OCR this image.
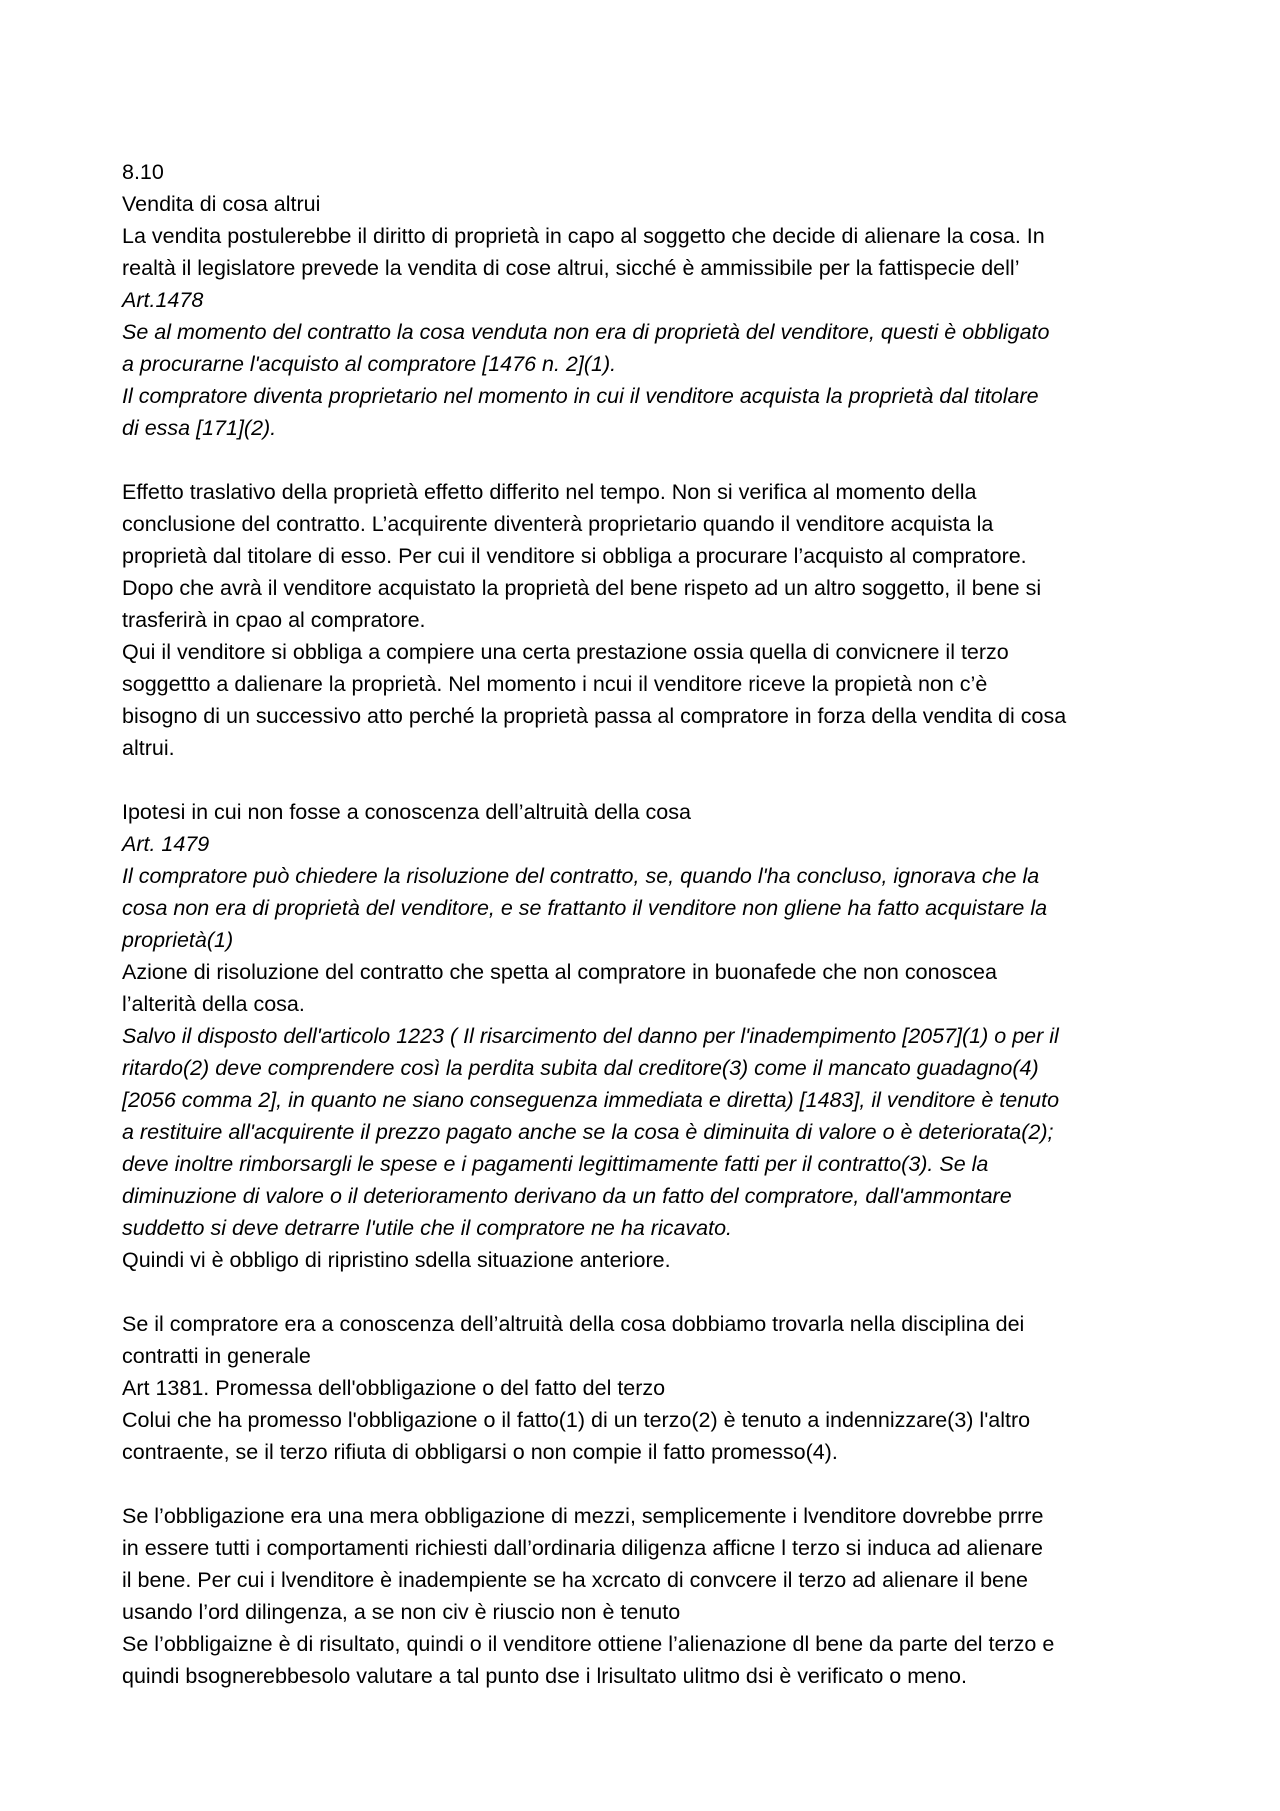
8.10
Vendita di cosa altrui
La vendita postulerebbe il diritto di proprietà in capo al soggetto che decide di alienare la cosa. In
realtà il legislatore prevede la vendita di cose altrui, sicché è ammissibile per la fattispecie dell’
Art.1478
Se al momento del contratto la cosa venduta non era di proprietà del venditore, questi è obbligato
a procurarne l'acquisto al compratore [1476 n. 2](1).
Il compratore diventa proprietario nel momento in cui il venditore acquista la proprietà dal titolare
di essa [171](2).
Effetto traslativo della proprietà effetto differito nel tempo. Non si verifica al momento della
conclusione del contratto. L’acquirente diventerà proprietario quando il venditore acquista la
proprietà dal titolare di esso. Per cui il venditore si obbliga a procurare l’acquisto al compratore.
Dopo che avrà il venditore acquistato la proprietà del bene rispeto ad un altro soggetto, il bene si
trasferirà in cpao al compratore.
Qui il venditore si obbliga a compiere una certa prestazione ossia quella di convicnere il terzo
soggettto a dalienare la proprietà. Nel momento i ncui il venditore riceve la propietà non c’è
bisogno di un successivo atto perché la proprietà passa al compratore in forza della vendita di cosa
altrui.
Ipotesi in cui non fosse a conoscenza dell’altruità della cosa
Art. 1479
Il compratore può chiedere la risoluzione del contratto, se, quando l'ha concluso, ignorava che la
cosa non era di proprietà del venditore, e se frattanto il venditore non gliene ha fatto acquistare la
proprietà(1)
Azione di risoluzione del contratto che spetta al compratore in buonafede che non conoscea
l’alterità della cosa.
Salvo il disposto dell'articolo 1223 ( Il risarcimento del danno per l'inadempimento [2057](1) o per il
ritardo(2) deve comprendere così la perdita subita dal creditore(3) come il mancato guadagno(4)
[2056 comma 2], in quanto ne siano conseguenza immediata e diretta) [1483], il venditore è tenuto
a restituire all'acquirente il prezzo pagato anche se la cosa è diminuita di valore o è deteriorata(2);
deve inoltre rimborsargli le spese e i pagamenti legittimamente fatti per il contratto(3). Se la
diminuzione di valore o il deterioramento derivano da un fatto del compratore, dall'ammontare
suddetto si deve detrarre l'utile che il compratore ne ha ricavato.
Quindi vi è obbligo di ripristino sdella situazione anteriore.
Se il compratore era a conoscenza dell’altruità della cosa dobbiamo trovarla nella disciplina dei
contratti in generale
Art 1381. Promessa dell'obbligazione o del fatto del terzo
Colui che ha promesso l'obbligazione o il fatto(1) di un terzo(2) è tenuto a indennizzare(3) l'altro
contraente, se il terzo rifiuta di obbligarsi o non compie il fatto promesso(4).
Se l’obbligazione era una mera obbligazione di mezzi, semplicemente i lvenditore dovrebbe prrre
in essere tutti i comportamenti richiesti dall’ordinaria diligenza afficne l terzo si induca ad alienare
il bene. Per cui i lvenditore è inadempiente se ha xcrcato di convcere il terzo ad alienare il bene
usando l’ord dilingenza, a se non civ è riuscio non è tenuto
Se l’obbligaizne è di risultato, quindi o il venditore ottiene l’alienazione dl bene da parte del terzo e
quindi bsognerebbesolo valutare a tal punto dse i lrisultato ulitmo dsi è verificato o meno.
